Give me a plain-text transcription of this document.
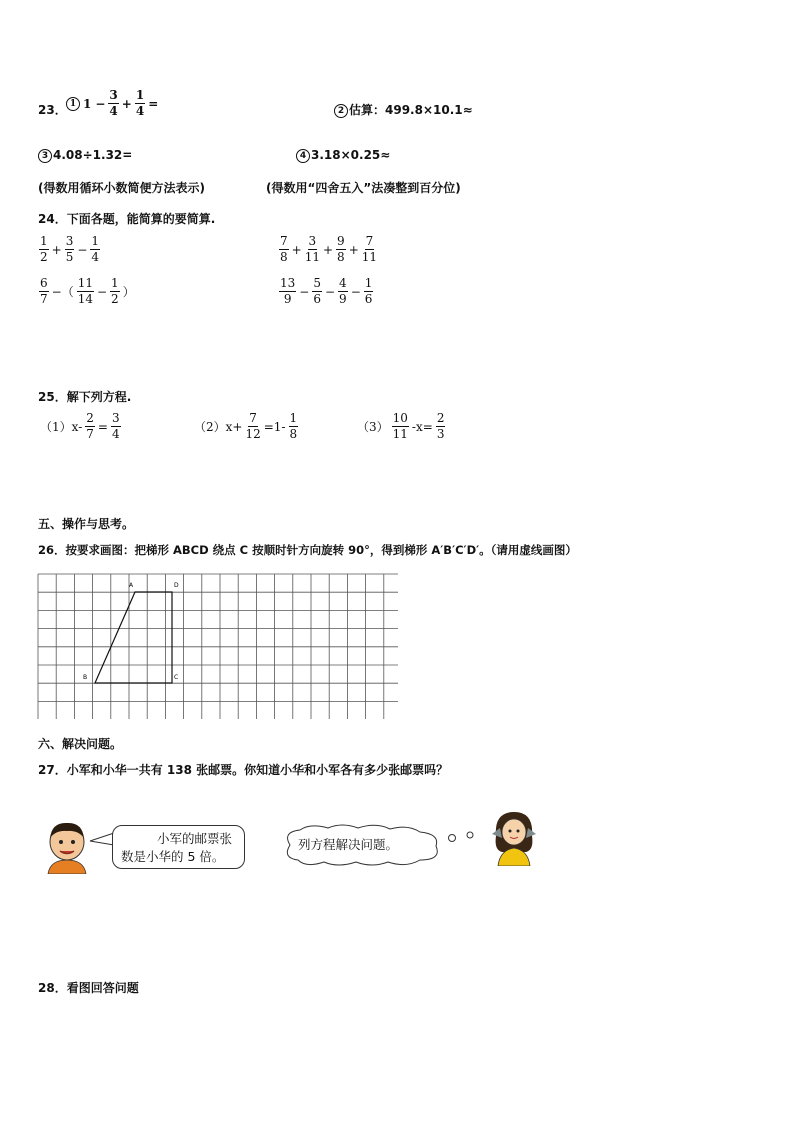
23． 1 $1 - \frac{3}{4} + \frac{1}{4}$ =	2 估算：499.8×10.1≈
3 4.08÷1.32=	4 3.18×0.25≈
(得数用循环小数简便方法表示)	(得数用“四舍五入”法凑整到百分位)
24．下面各题，能简算的要简算.
$\frac{1}{2} + \frac{3}{5} - \frac{1}{4}$	$\frac{7}{8} + \frac{3}{11} + \frac{9}{8} + \frac{7}{11}$
$\frac{6}{7}$ −（ $\frac{11}{14} - \frac{1}{2}$ ）	$\frac{13}{9} - \frac{5}{6} - \frac{4}{9} - \frac{1}{6}$
25．解下列方程.
$(1)x- \frac{2}{7} = \frac{3}{4}$	$(2)x+ \frac{7}{12} =1- \frac{1}{8}$	$(3) \frac{10}{11} -x= \frac{2}{3}$
五、操作与思考。
26．按要求画图：把梯形 ABCD 绕点 C 按顺时针方向旋转 90°，得到梯形 A′B′C′D′。（请用虚线画图）
A	D
B	C
六、解决问题。
27．小军和小华一共有 138 张邮票。你知道小华和小军各有多少张邮票吗？
小军的邮票张
数是小华的 5 倍。
列方程解决问题。
28．看图回答问题
